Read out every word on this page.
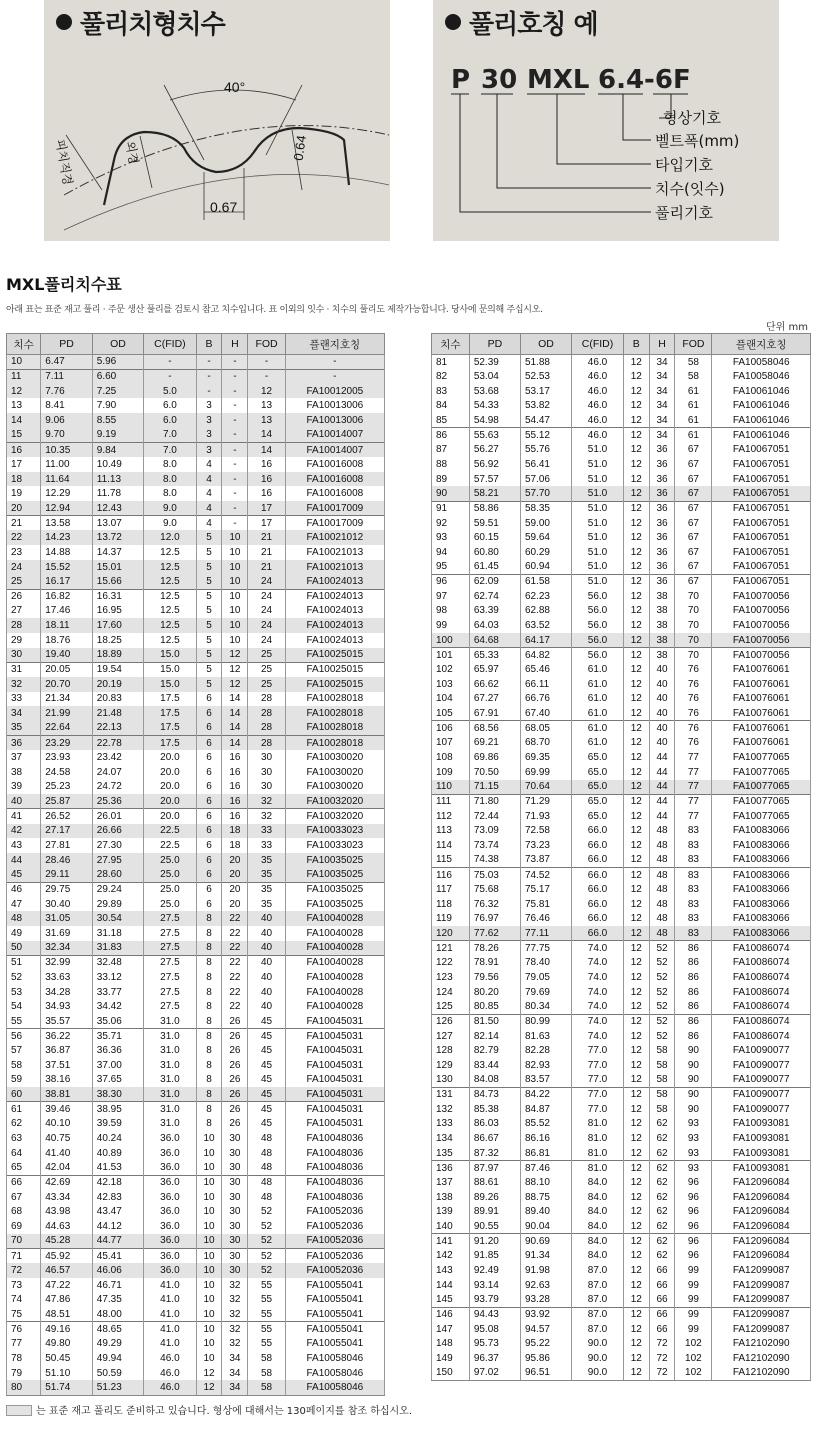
풀리치형치수
40°
피치직경	외경	0.64
0.67
풀리호칭 예
P 30 MXL 6.4-6F
형상기호
벨트폭(mm)
타입기호
치수(잇수)
풀리기호
MXL풀리치수표
아래 표는 표준 재고 풀리 · 주문 생산 풀리를 검토시 참고 치수입니다. 표 이외의 잇수 · 치수의 풀리도 제작가능합니다. 당사에 문의해 주십시오.
단위 mm
치수	PD	OD	C(FID)	B	H	FOD	플랜지호칭
10	6.47	5.96	-	-	-	-	-
11	7.11	6.60	-	-	-	-	-
12	7.76	7.25	5.0	-	-	12	FA10012005
13	8.41	7.90	6.0	3	-	13	FA10013006
14	9.06	8.55	6.0	3	-	13	FA10013006
15	9.70	9.19	7.0	3	-	14	FA10014007
16	10.35	9.84	7.0	3	-	14	FA10014007
17	11.00	10.49	8.0	4	-	16	FA10016008
18	11.64	11.13	8.0	4	-	16	FA10016008
19	12.29	11.78	8.0	4	-	16	FA10016008
20	12.94	12.43	9.0	4	-	17	FA10017009
21	13.58	13.07	9.0	4	-	17	FA10017009
22	14.23	13.72	12.0	5	10	21	FA10021012
23	14.88	14.37	12.5	5	10	21	FA10021013
24	15.52	15.01	12.5	5	10	21	FA10021013
25	16.17	15.66	12.5	5	10	24	FA10024013
26	16.82	16.31	12.5	5	10	24	FA10024013
27	17.46	16.95	12.5	5	10	24	FA10024013
28	18.11	17.60	12.5	5	10	24	FA10024013
29	18.76	18.25	12.5	5	10	24	FA10024013
30	19.40	18.89	15.0	5	12	25	FA10025015
31	20.05	19.54	15.0	5	12	25	FA10025015
32	20.70	20.19	15.0	5	12	25	FA10025015
33	21.34	20.83	17.5	6	14	28	FA10028018
34	21.99	21.48	17.5	6	14	28	FA10028018
35	22.64	22.13	17.5	6	14	28	FA10028018
36	23.29	22.78	17.5	6	14	28	FA10028018
37	23.93	23.42	20.0	6	16	30	FA10030020
38	24.58	24.07	20.0	6	16	30	FA10030020
39	25.23	24.72	20.0	6	16	30	FA10030020
40	25.87	25.36	20.0	6	16	32	FA10032020
41	26.52	26.01	20.0	6	16	32	FA10032020
42	27.17	26.66	22.5	6	18	33	FA10033023
43	27.81	27.30	22.5	6	18	33	FA10033023
44	28.46	27.95	25.0	6	20	35	FA10035025
45	29.11	28.60	25.0	6	20	35	FA10035025
46	29.75	29.24	25.0	6	20	35	FA10035025
47	30.40	29.89	25.0	6	20	35	FA10035025
48	31.05	30.54	27.5	8	22	40	FA10040028
49	31.69	31.18	27.5	8	22	40	FA10040028
50	32.34	31.83	27.5	8	22	40	FA10040028
51	32.99	32.48	27.5	8	22	40	FA10040028
52	33.63	33.12	27.5	8	22	40	FA10040028
53	34.28	33.77	27.5	8	22	40	FA10040028
54	34.93	34.42	27.5	8	22	40	FA10040028
55	35.57	35.06	31.0	8	26	45	FA10045031
56	36.22	35.71	31.0	8	26	45	FA10045031
57	36.87	36.36	31.0	8	26	45	FA10045031
58	37.51	37.00	31.0	8	26	45	FA10045031
59	38.16	37.65	31.0	8	26	45	FA10045031
60	38.81	38.30	31.0	8	26	45	FA10045031
61	39.46	38.95	31.0	8	26	45	FA10045031
62	40.10	39.59	31.0	8	26	45	FA10045031
63	40.75	40.24	36.0	10	30	48	FA10048036
64	41.40	40.89	36.0	10	30	48	FA10048036
65	42.04	41.53	36.0	10	30	48	FA10048036
66	42.69	42.18	36.0	10	30	48	FA10048036
67	43.34	42.83	36.0	10	30	48	FA10048036
68	43.98	43.47	36.0	10	30	52	FA10052036
69	44.63	44.12	36.0	10	30	52	FA10052036
70	45.28	44.77	36.0	10	30	52	FA10052036
71	45.92	45.41	36.0	10	30	52	FA10052036
72	46.57	46.06	36.0	10	30	52	FA10052036
73	47.22	46.71	41.0	10	32	55	FA10055041
74	47.86	47.35	41.0	10	32	55	FA10055041
75	48.51	48.00	41.0	10	32	55	FA10055041
76	49.16	48.65	41.0	10	32	55	FA10055041
77	49.80	49.29	41.0	10	32	55	FA10055041
78	50.45	49.94	46.0	10	34	58	FA10058046
79	51.10	50.59	46.0	12	34	58	FA10058046
80	51.74	51.23	46.0	12	34	58	FA10058046
치수	PD	OD	C(FID)	B	H	FOD	플랜지호칭
81	52.39	51.88	46.0	12	34	58	FA10058046
82	53.04	52.53	46.0	12	34	58	FA10058046
83	53.68	53.17	46.0	12	34	61	FA10061046
84	54.33	53.82	46.0	12	34	61	FA10061046
85	54.98	54.47	46.0	12	34	61	FA10061046
86	55.63	55.12	46.0	12	34	61	FA10061046
87	56.27	55.76	51.0	12	36	67	FA10067051
88	56.92	56.41	51.0	12	36	67	FA10067051
89	57.57	57.06	51.0	12	36	67	FA10067051
90	58.21	57.70	51.0	12	36	67	FA10067051
91	58.86	58.35	51.0	12	36	67	FA10067051
92	59.51	59.00	51.0	12	36	67	FA10067051
93	60.15	59.64	51.0	12	36	67	FA10067051
94	60.80	60.29	51.0	12	36	67	FA10067051
95	61.45	60.94	51.0	12	36	67	FA10067051
96	62.09	61.58	51.0	12	36	67	FA10067051
97	62.74	62.23	56.0	12	38	70	FA10070056
98	63.39	62.88	56.0	12	38	70	FA10070056
99	64.03	63.52	56.0	12	38	70	FA10070056
100	64.68	64.17	56.0	12	38	70	FA10070056
101	65.33	64.82	56.0	12	38	70	FA10070056
102	65.97	65.46	61.0	12	40	76	FA10076061
103	66.62	66.11	61.0	12	40	76	FA10076061
104	67.27	66.76	61.0	12	40	76	FA10076061
105	67.91	67.40	61.0	12	40	76	FA10076061
106	68.56	68.05	61.0	12	40	76	FA10076061
107	69.21	68.70	61.0	12	40	76	FA10076061
108	69.86	69.35	65.0	12	44	77	FA10077065
109	70.50	69.99	65.0	12	44	77	FA10077065
110	71.15	70.64	65.0	12	44	77	FA10077065
111	71.80	71.29	65.0	12	44	77	FA10077065
112	72.44	71.93	65.0	12	44	77	FA10077065
113	73.09	72.58	66.0	12	48	83	FA10083066
114	73.74	73.23	66.0	12	48	83	FA10083066
115	74.38	73.87	66.0	12	48	83	FA10083066
116	75.03	74.52	66.0	12	48	83	FA10083066
117	75.68	75.17	66.0	12	48	83	FA10083066
118	76.32	75.81	66.0	12	48	83	FA10083066
119	76.97	76.46	66.0	12	48	83	FA10083066
120	77.62	77.11	66.0	12	48	83	FA10083066
121	78.26	77.75	74.0	12	52	86	FA10086074
122	78.91	78.40	74.0	12	52	86	FA10086074
123	79.56	79.05	74.0	12	52	86	FA10086074
124	80.20	79.69	74.0	12	52	86	FA10086074
125	80.85	80.34	74.0	12	52	86	FA10086074
126	81.50	80.99	74.0	12	52	86	FA10086074
127	82.14	81.63	74.0	12	52	86	FA10086074
128	82.79	82.28	77.0	12	58	90	FA10090077
129	83.44	82.93	77.0	12	58	90	FA10090077
130	84.08	83.57	77.0	12	58	90	FA10090077
131	84.73	84.22	77.0	12	58	90	FA10090077
132	85.38	84.87	77.0	12	58	90	FA10090077
133	86.03	85.52	81.0	12	62	93	FA10093081
134	86.67	86.16	81.0	12	62	93	FA10093081
135	87.32	86.81	81.0	12	62	93	FA10093081
136	87.97	87.46	81.0	12	62	93	FA10093081
137	88.61	88.10	84.0	12	62	96	FA12096084
138	89.26	88.75	84.0	12	62	96	FA12096084
139	89.91	89.40	84.0	12	62	96	FA12096084
140	90.55	90.04	84.0	12	62	96	FA12096084
141	91.20	90.69	84.0	12	62	96	FA12096084
142	91.85	91.34	84.0	12	62	96	FA12096084
143	92.49	91.98	87.0	12	66	99	FA12099087
144	93.14	92.63	87.0	12	66	99	FA12099087
145	93.79	93.28	87.0	12	66	99	FA12099087
146	94.43	93.92	87.0	12	66	99	FA12099087
147	95.08	94.57	87.0	12	66	99	FA12099087
148	95.73	95.22	90.0	12	72	102	FA12102090
149	96.37	95.86	90.0	12	72	102	FA12102090
150	97.02	96.51	90.0	12	72	102	FA12102090
는 표준 재고 풀리도 준비하고 있습니다. 형상에 대해서는 130페이지를 참조 하십시오.
